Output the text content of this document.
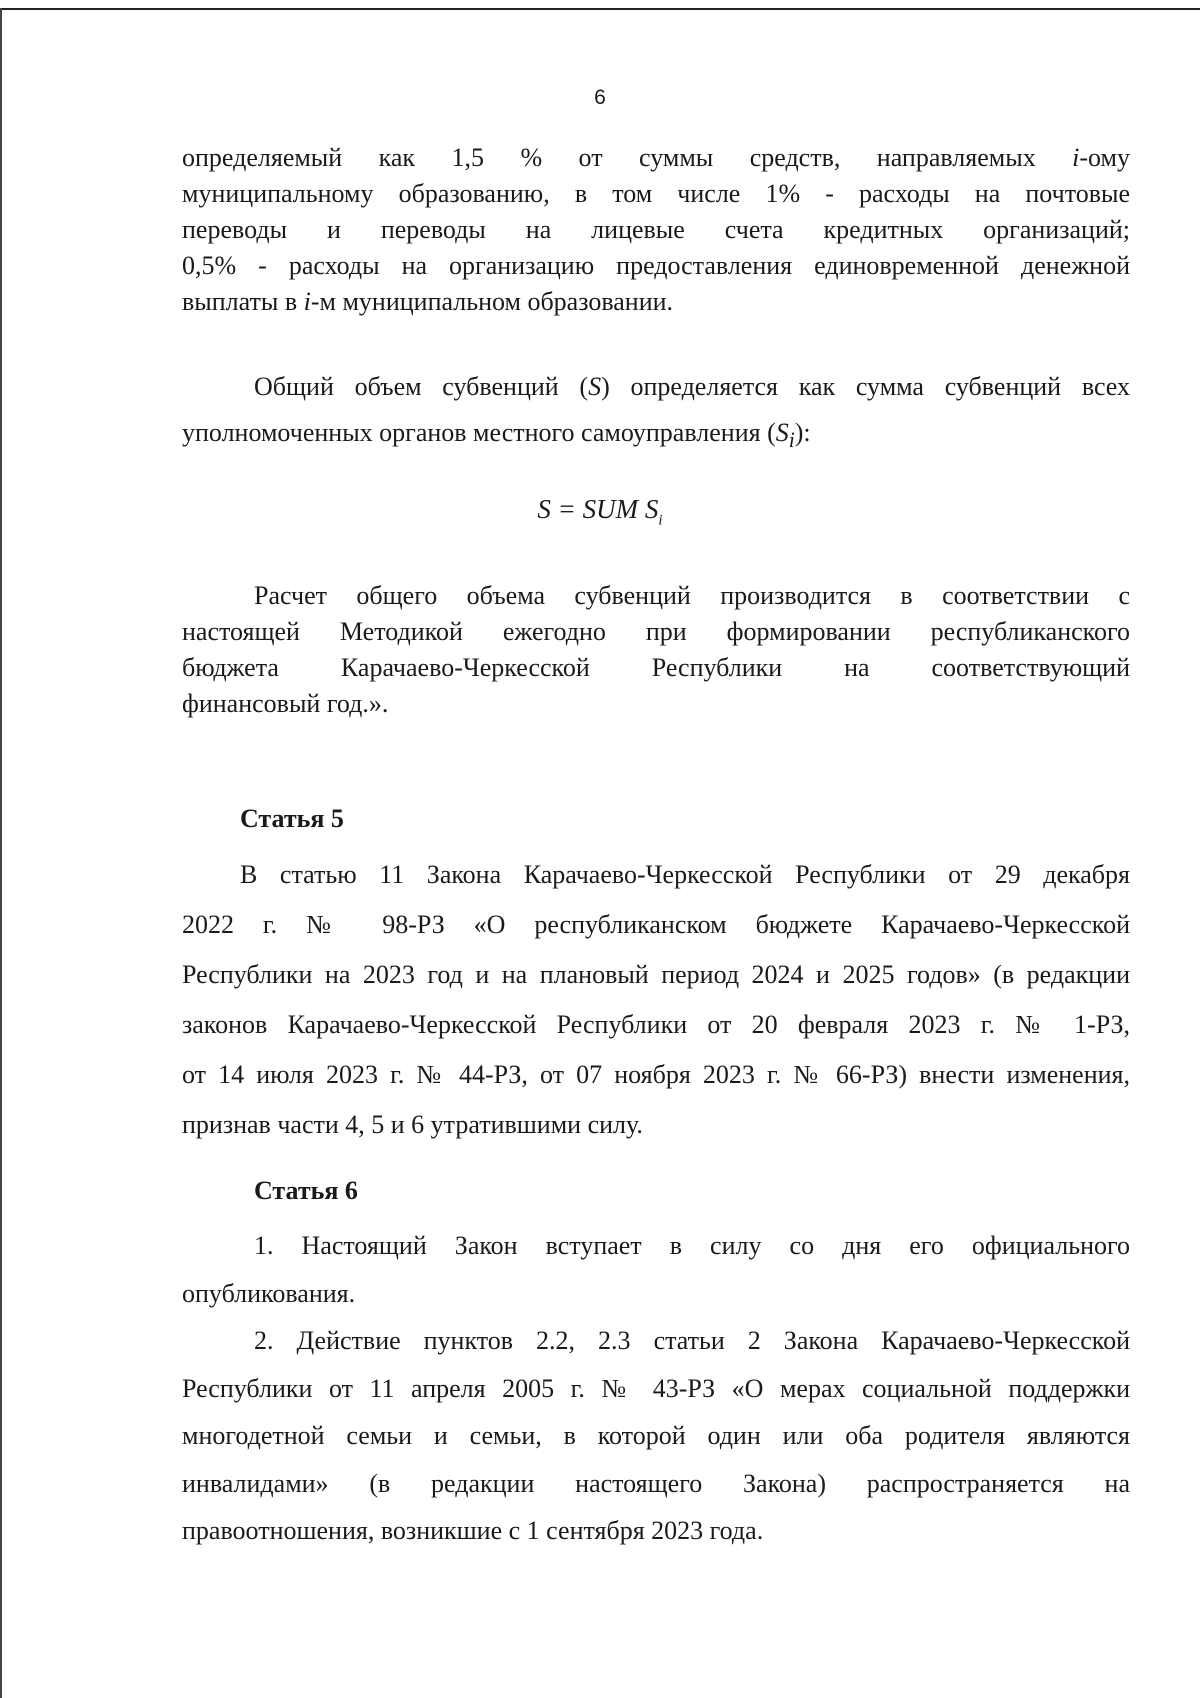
6
определяемый как 1,5 % от суммы средств, направляемых i-ому
муниципальному образованию, в том числе 1% - расходы на почтовые
переводы и переводы на лицевые счета кредитных организаций;
0,5% - расходы на организацию предоставления единовременной денежной
выплаты в i-м муниципальном образовании.
Общий объем субвенций (S) определяется как сумма субвенций всех
уполномоченных органов местного самоуправления $(S_i)$:
S = SUM $S_i$
Расчет общего объема субвенций производится в соответствии с
настоящей Методикой ежегодно при формировании республиканского
бюджета Карачаево-Черкесской Республики на соответствующий
финансовый год.».
Статья 5
В статью 11 Закона Карачаево-Черкесской Республики от 29 декабря
2022 г. № 98-РЗ «О республиканском бюджете Карачаево-Черкесской
Республики на 2023 год и на плановый период 2024 и 2025 годов» (в редакции
законов Карачаево-Черкесской Республики от 20 февраля 2023 г. № 1-РЗ,
от 14 июля 2023 г. № 44-РЗ, от 07 ноября 2023 г. № 66-РЗ) внести изменения,
признав части 4, 5 и 6 утратившими силу.
Статья 6
1. Настоящий Закон вступает в силу со дня его официального
опубликования.
2. Действие пунктов 2.2, 2.3 статьи 2 Закона Карачаево-Черкесской
Республики от 11 апреля 2005 г. № 43-РЗ «О мерах социальной поддержки
многодетной семьи и семьи, в которой один или оба родителя являются
инвалидами» (в редакции настоящего Закона) распространяется на
правоотношения, возникшие с 1 сентября 2023 года.
